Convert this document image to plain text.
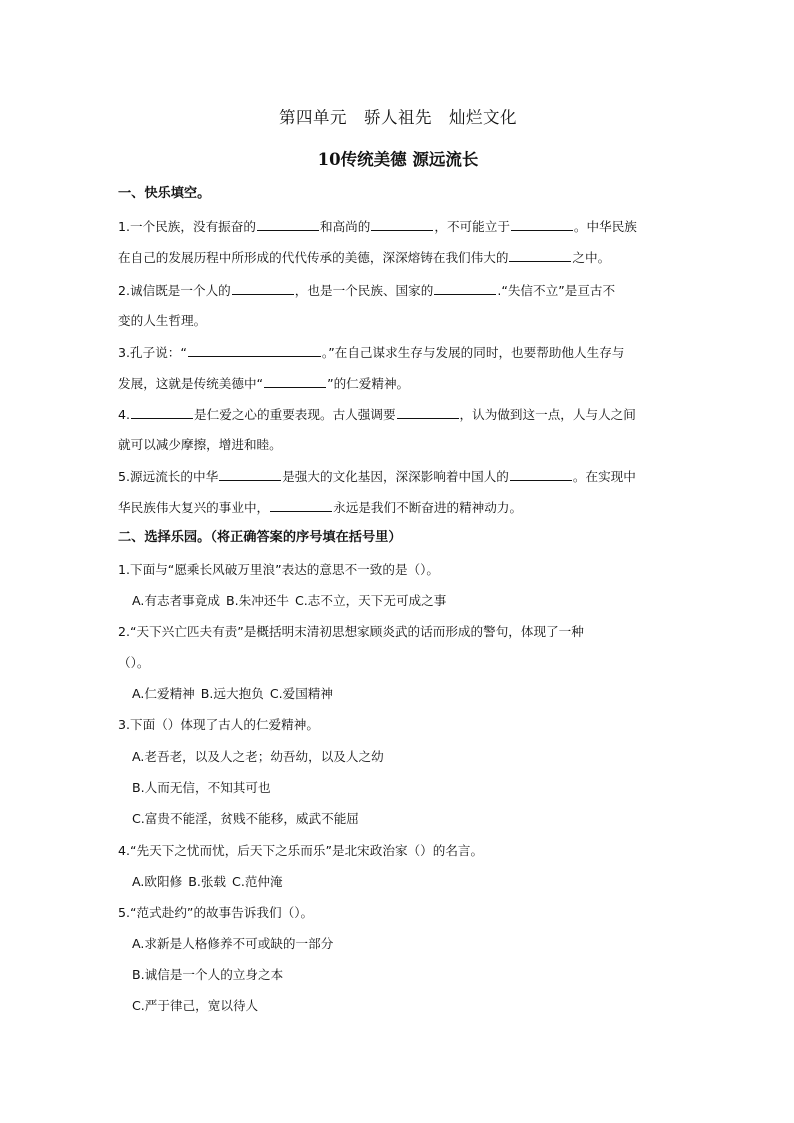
第四单元　骄人祖先　灿烂文化
10传统美德 源远流长
一、快乐填空。
1.一个民族，没有振奋的	和高尚的	，不可能立于	。中华民族
在自己的发展历程中所形成的代代传承的美德，深深熔铸在我们伟大的	之中。
2.诚信既是一个人的	，也是一个民族、国家的	.“失信不立”是亘古不
变的人生哲理。
3.孔子说：“	。”在自己谋求生存与发展的同时，也要帮助他人生存与
发展，这就是传统美德中“	”的仁爱精神。
4.	是仁爱之心的重要表现。古人强调要	，认为做到这一点，人与人之间
就可以减少摩擦，增进和睦。
5.源远流长的中华	是强大的文化基因，深深影响着中国人的	。在实现中
华民族伟大复兴的事业中，	永远是我们不断奋进的精神动力。
二、选择乐园。（将正确答案的序号填在括号里）
1.下面与“愿乘长风破万里浪”表达的意思不一致的是（）。
A.有志者事竟成 B.朱冲还牛 C.志不立，天下无可成之事
2.“天下兴亡匹夫有责”是概括明末清初思想家顾炎武的话而形成的警句，体现了一种
（）。
A.仁爱精神 B.远大抱负 C.爱国精神
3.下面（）体现了古人的仁爱精神。
A.老吾老，以及人之老；幼吾幼，以及人之幼
B.人而无信，不知其可也
C.富贵不能淫，贫贱不能移，威武不能屈
4.“先天下之忧而忧，后天下之乐而乐”是北宋政治家（）的名言。
A.欧阳修 B.张载 C.范仲淹
5.“范式赴约”的故事告诉我们（）。
A.求新是人格修养不可或缺的一部分
B.诚信是一个人的立身之本
C.严于律己，宽以待人
